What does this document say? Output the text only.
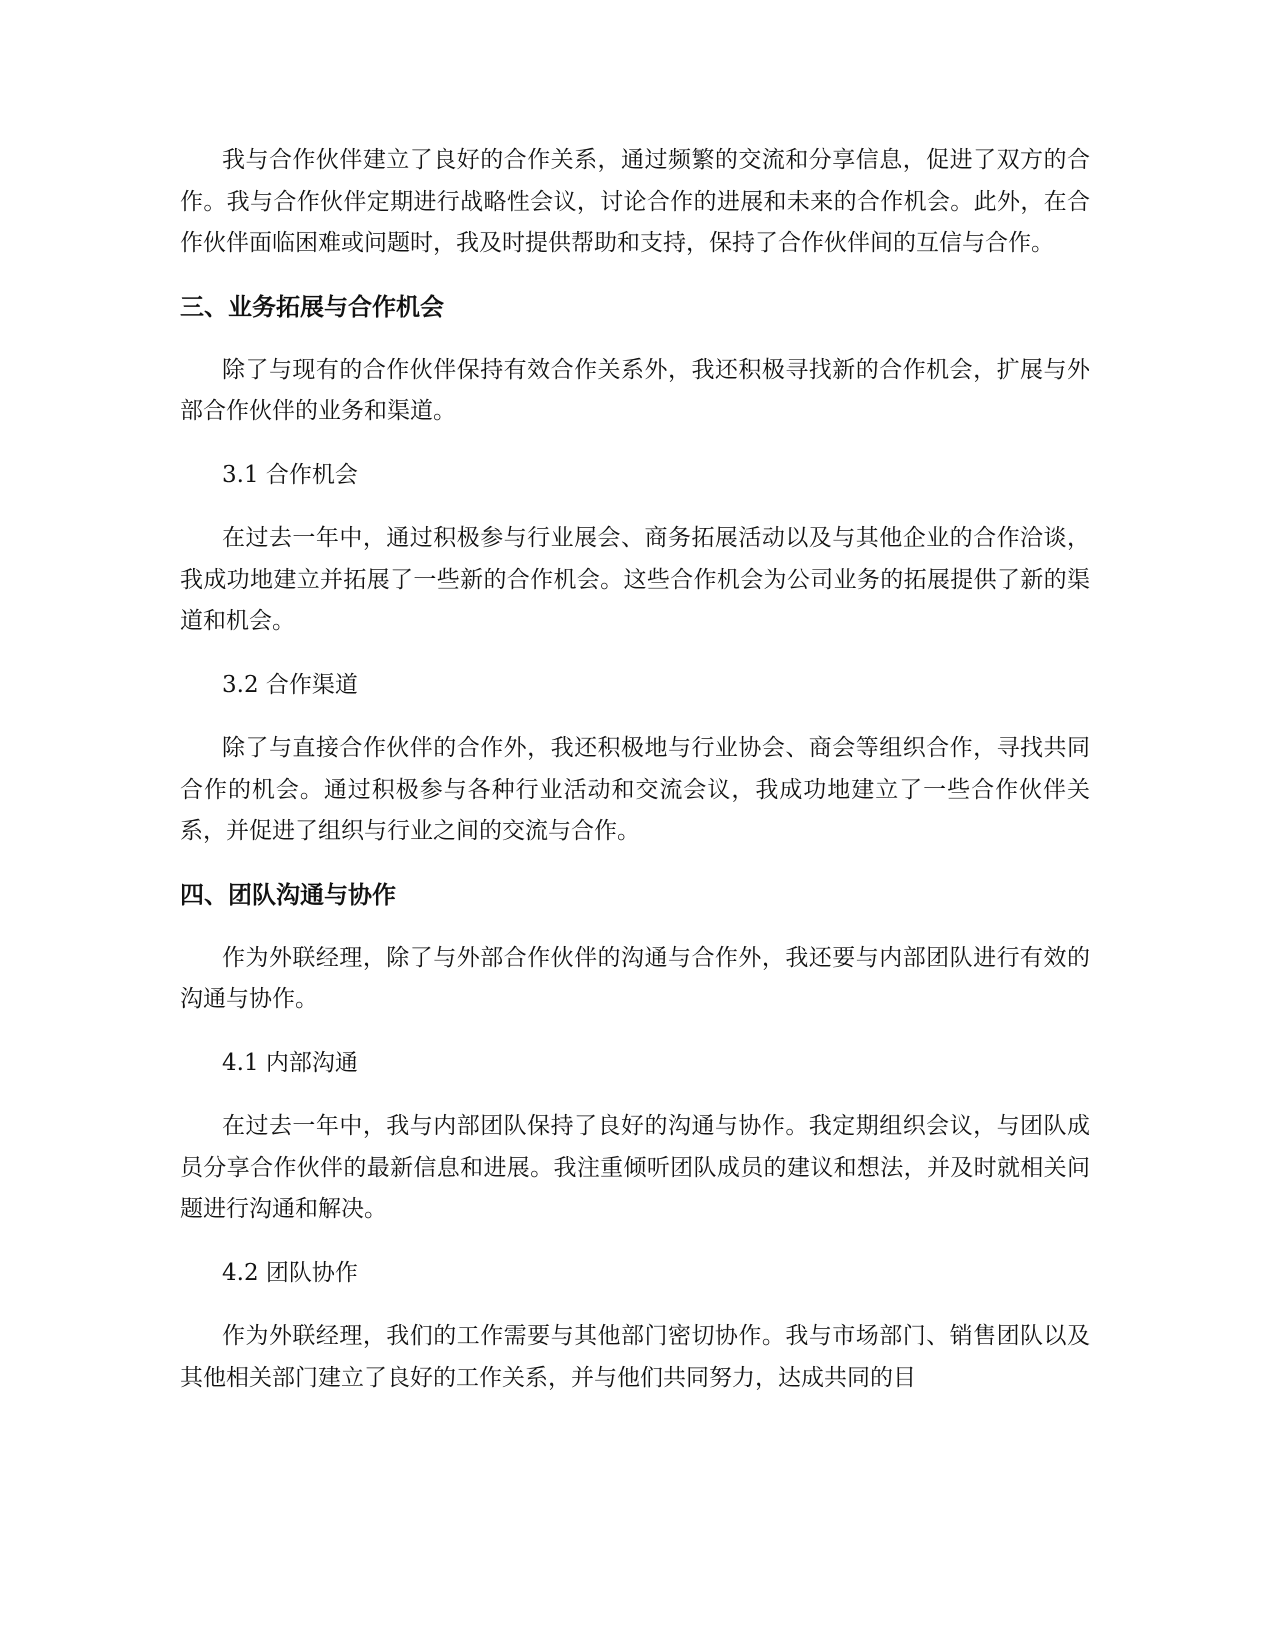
我与合作伙伴建立了良好的合作关系，通过频繁的交流和分享信息，促进了双方的合作。我与合作伙伴定期进行战略性会议，讨论合作的进展和未来的合作机会。此外，在合作伙伴面临困难或问题时，我及时提供帮助和支持，保持了合作伙伴间的互信与合作。

三、业务拓展与合作机会

除了与现有的合作伙伴保持有效合作关系外，我还积极寻找新的合作机会，扩展与外部合作伙伴的业务和渠道。

3.1 合作机会

在过去一年中，通过积极参与行业展会、商务拓展活动以及与其他企业的合作洽谈，我成功地建立并拓展了一些新的合作机会。这些合作机会为公司业务的拓展提供了新的渠道和机会。

3.2 合作渠道

除了与直接合作伙伴的合作外，我还积极地与行业协会、商会等组织合作，寻找共同合作的机会。通过积极参与各种行业活动和交流会议，我成功地建立了一些合作伙伴关系，并促进了组织与行业之间的交流与合作。

四、团队沟通与协作

作为外联经理，除了与外部合作伙伴的沟通与合作外，我还要与内部团队进行有效的沟通与协作。

4.1 内部沟通

在过去一年中，我与内部团队保持了良好的沟通与协作。我定期组织会议，与团队成员分享合作伙伴的最新信息和进展。我注重倾听团队成员的建议和想法，并及时就相关问题进行沟通和解决。

4.2 团队协作

作为外联经理，我们的工作需要与其他部门密切协作。我与市场部门、销售团队以及其他相关部门建立了良好的工作关系，并与他们共同努力，达成共同的目
